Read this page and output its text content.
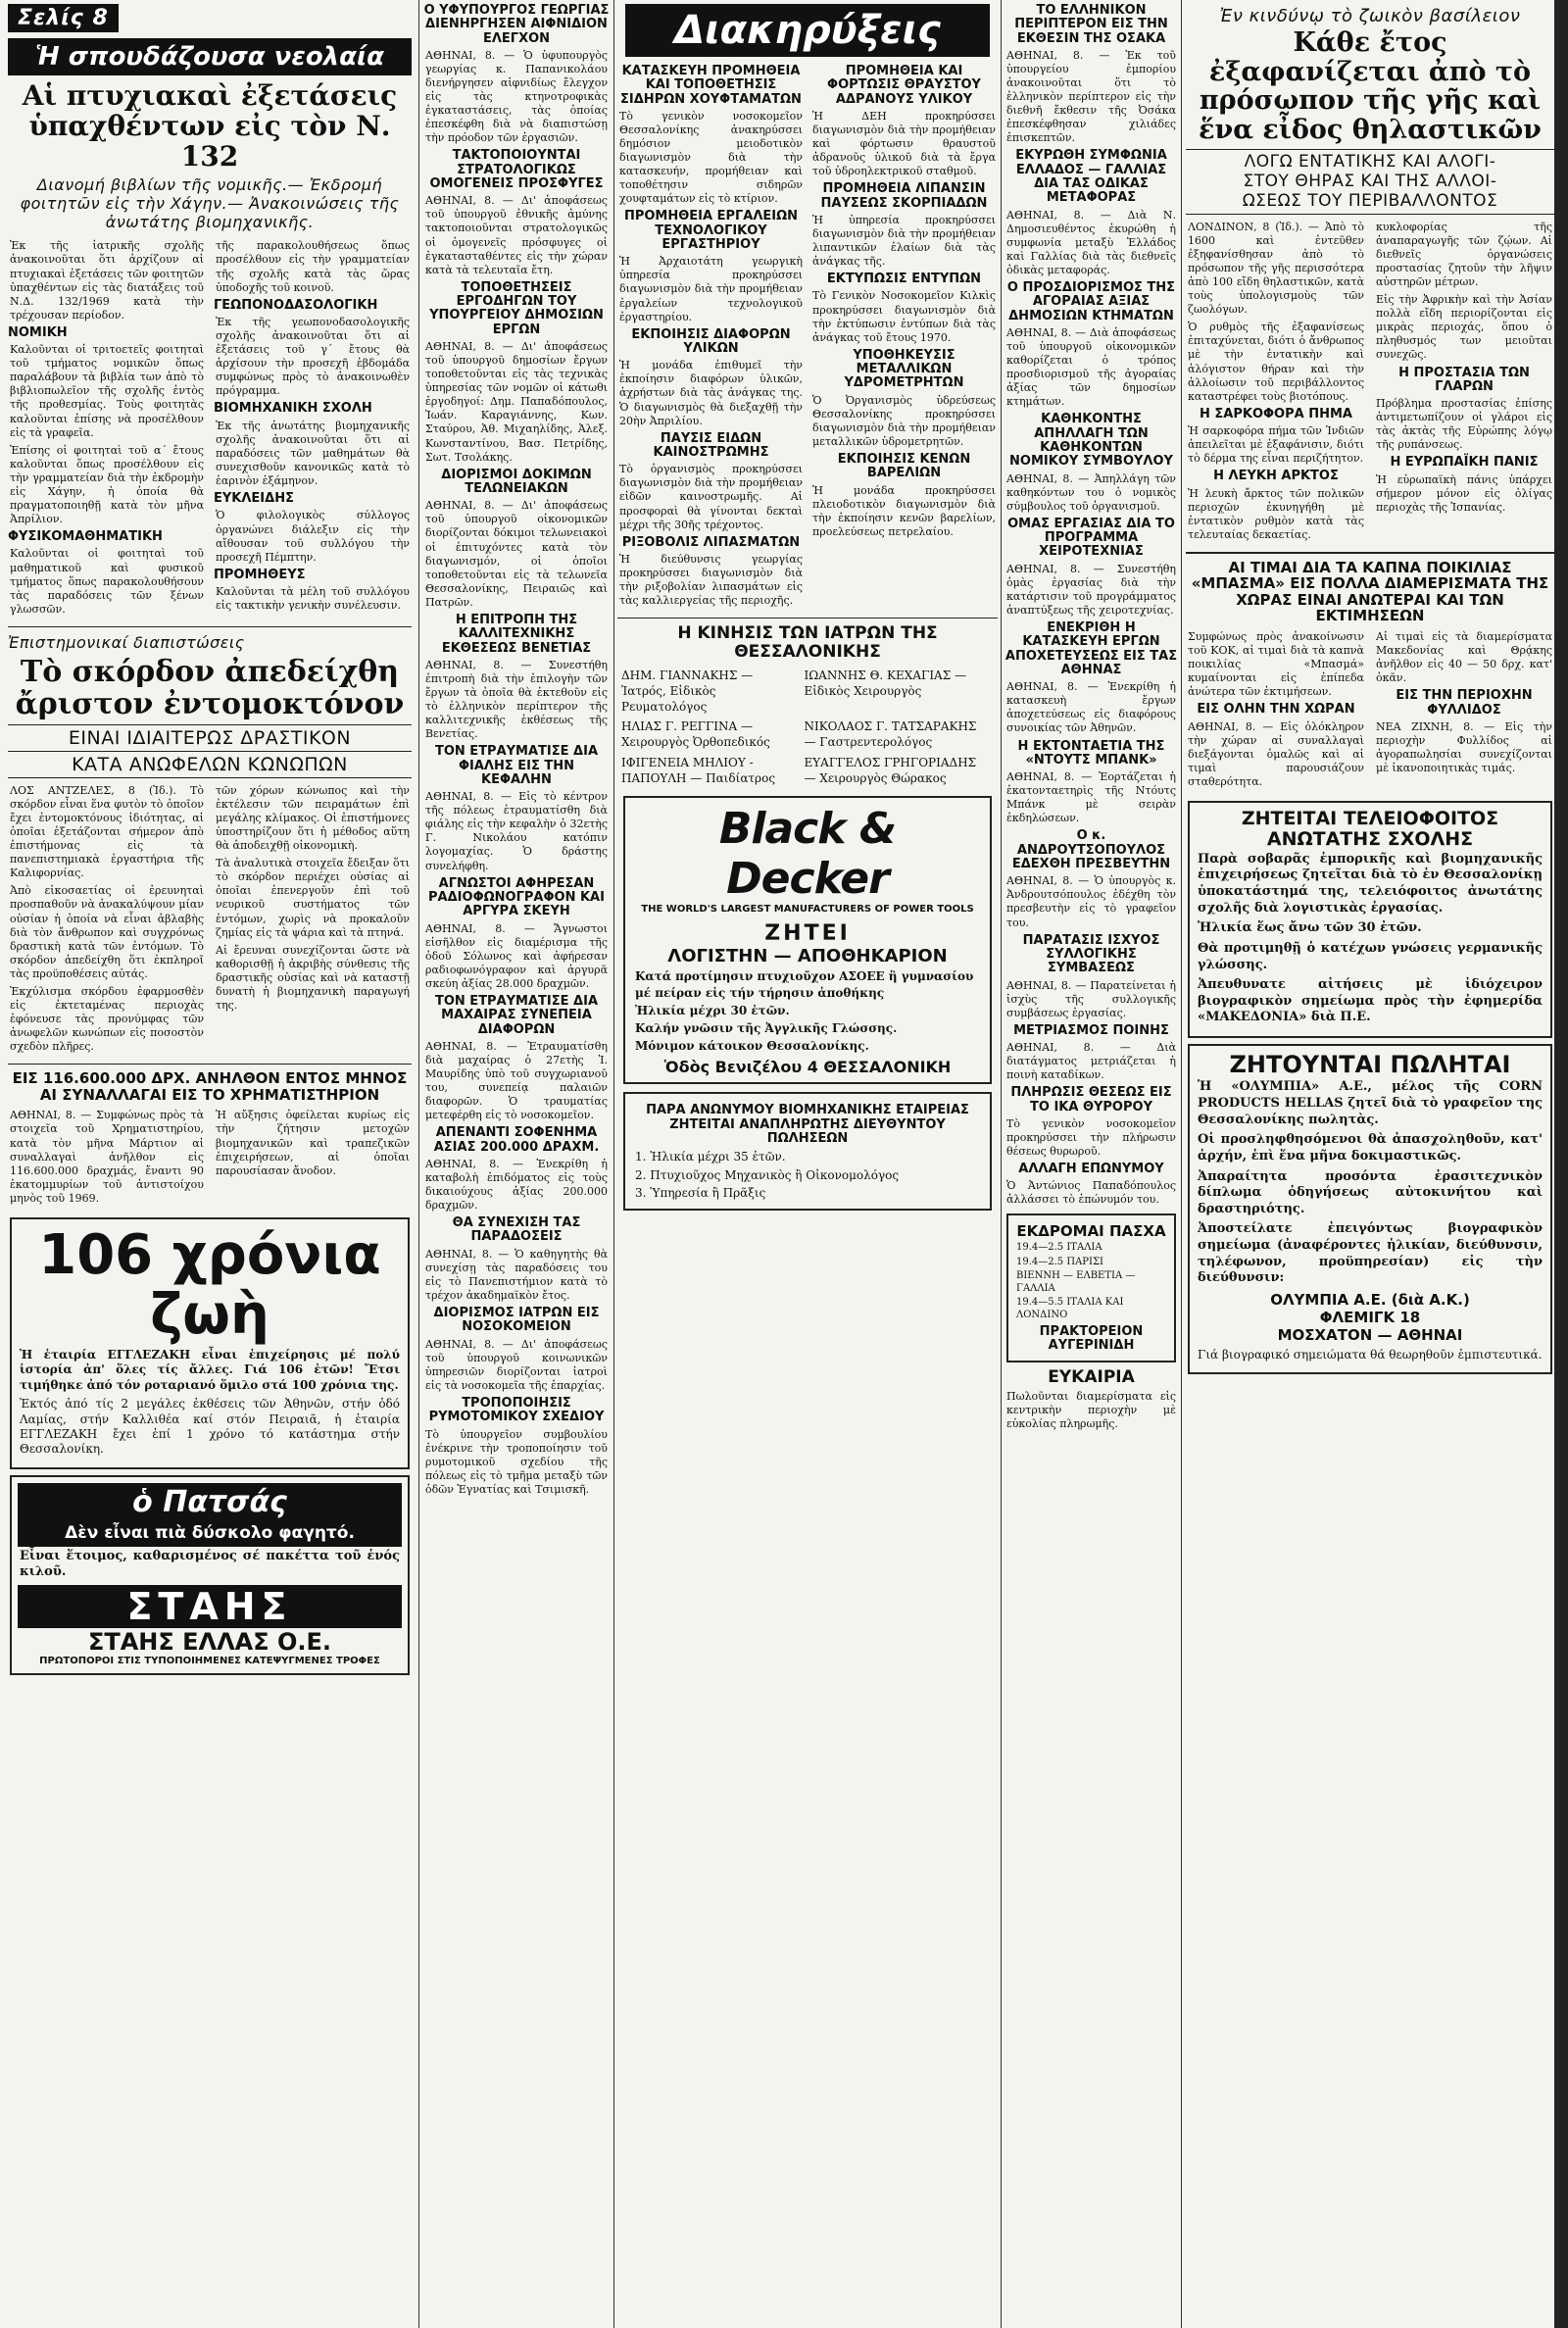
Σελίς 8
Ἡ σπουδάζουσα νεολαία
Αἱ πτυχιακαὶ ἐξετάσεις ὑπαχθέντων εἰς τὸν Ν. 132
Διανομή βιβλίων τῆς νομικῆς.— Ἐκδρομή φοιτητῶν εἰς τὴν Χάγην.— Ἀνακοινώσεις τῆς ἀνωτάτης βιομηχανικῆς.

Ἐκ τῆς ἰατρικῆς σχολῆς ἀνακοινοῦται ὅτι ἀρχίζουν αἱ πτυχιακαὶ ἐξετάσεις τῶν φοιτητῶν ὑπαχθέντων εἰς τὰς διατάξεις τοῦ Ν.Δ. 132/1969 κατὰ τὴν τρέχουσαν περίοδον.

ΝΟΜΙΚΗ

Καλοῦνται οἱ τριτοετεῖς φοιτηταὶ τοῦ τμήματος νομικῶν ὅπως παραλάβουν τὰ βιβλία των ἀπὸ τὸ βιβλιοπωλεῖον τῆς σχολῆς ἐντὸς τῆς προθεσμίας. Τοὺς φοιτητὰς καλοῦνται ἐπίσης νὰ προσέλθουν εἰς τὰ γραφεῖα.

Ἐπίσης οἱ φοιτηταὶ τοῦ α΄ ἔτους καλοῦνται ὅπως προσέλθουν εἰς τὴν γραμματείαν διὰ τὴν ἐκδρομὴν εἰς Χάγην, ἡ ὁποία θὰ πραγματοποιηθῇ κατὰ τὸν μῆνα Ἀπρίλιον.

ΦΥΣΙΚΟΜΑΘΗΜΑΤΙΚΗ

Καλοῦνται οἱ φοιτηταὶ τοῦ μαθηματικοῦ καὶ φυσικοῦ τμήματος ὅπως παρακολουθήσουν τὰς παραδόσεις τῶν ξένων γλωσσῶν.

τῆς παρακολουθήσεως ὅπως προσέλθουν εἰς τὴν γραμματείαν τῆς σχολῆς κατὰ τὰς ὥρας ὑποδοχῆς τοῦ κοινοῦ.

ΓΕΩΠΟΝΟΔΑΣΟΛΟΓΙΚΗ

Ἐκ τῆς γεωπονοδασολογικῆς σχολῆς ἀνακοινοῦται ὅτι αἱ ἐξετάσεις τοῦ γ΄ ἔτους θὰ ἀρχίσουν τὴν προσεχῆ ἑβδομάδα συμφώνως πρὸς τὸ ἀνακοινωθὲν πρόγραμμα.

ΒΙΟΜΗΧΑΝΙΚΗ ΣΧΟΛΗ

Ἐκ τῆς ἀνωτάτης βιομηχανικῆς σχολῆς ἀνακοινοῦται ὅτι αἱ παραδόσεις τῶν μαθημάτων θὰ συνεχισθοῦν κανονικῶς κατὰ τὸ ἑαρινὸν ἑξάμηνον.

ΕΥΚΛΕΙΔΗΣ

Ὁ φιλολογικὸς σύλλογος ὀργανώνει διάλεξιν εἰς τὴν αἴθουσαν τοῦ συλλόγου τὴν προσεχῆ Πέμπτην.

ΠΡΟΜΗΘΕΥΣ

Καλοῦνται τὰ μέλη τοῦ συλλόγου εἰς τακτικὴν γενικὴν συνέλευσιν.

Ἐπιστημονικαί διαπιστώσεις
Τὸ σκόρδον ἀπεδείχθη ἄριστον ἐντομοκτόνον
ΕΙΝΑΙ ΙΔΙΑΙΤΕΡΩΣ ΔΡΑΣΤΙΚΟΝ
ΚΑΤΑ ΑΝΩΦΕΛΩΝ ΚΩΝΩΠΩΝ

ΛΟΣ ΑΝΤΖΕΛΕΣ, 8 (Ἰδ.). Τὸ σκόρδον εἶναι ἕνα φυτὸν τὸ ὁποῖον ἔχει ἐντομοκτόνους ἰδιότητας, αἱ ὁποῖαι ἐξετάζονται σήμερον ἀπὸ ἐπιστήμονας εἰς τὰ πανεπιστημιακὰ ἐργαστήρια τῆς Καλιφορνίας.

Ἀπὸ εἰκοσαετίας οἱ ἐρευνηταὶ προσπαθοῦν νὰ ἀνακαλύψουν μίαν οὐσίαν ἡ ὁποία νὰ εἶναι ἀβλαβὴς διὰ τὸν ἄνθρωπον καὶ συγχρόνως δραστικὴ κατὰ τῶν ἐντόμων. Τὸ σκόρδον ἀπεδείχθη ὅτι ἐκπληροῖ τὰς προϋποθέσεις αὐτάς.

Ἐκχύλισμα σκόρδου ἐφαρμοσθὲν εἰς ἐκτεταμένας περιοχὰς ἐφόνευσε τὰς προνύμφας τῶν ἀνωφελῶν κωνώπων εἰς ποσοστὸν σχεδὸν πλῆρες.

τῶν χόρων κώνωπος καὶ τὴν ἐκτέλεσιν τῶν πειραμάτων ἐπὶ μεγάλης κλίμακος. Οἱ ἐπιστήμονες ὑποστηρίζουν ὅτι ἡ μέθοδος αὕτη θὰ ἀποδειχθῇ οἰκονομικὴ.

Τὰ ἀναλυτικὰ στοιχεῖα ἔδειξαν ὅτι τὸ σκόρδον περιέχει οὐσίας αἱ ὁποῖαι ἐπενεργοῦν ἐπὶ τοῦ νευρικοῦ συστήματος τῶν ἐντόμων, χωρὶς νὰ προκαλοῦν ζημίας εἰς τὰ ψάρια καὶ τὰ πτηνά.

Αἱ ἔρευναι συνεχίζονται ὥστε νὰ καθορισθῇ ἡ ἀκριβὴς σύνθεσις τῆς δραστικῆς οὐσίας καὶ νὰ καταστῇ δυνατὴ ἡ βιομηχανικὴ παραγωγή της.

ΕΙΣ 116.600.000 ΔΡΧ. ΑΝΗΛΘΟΝ ΕΝΤΟΣ ΜΗΝΟΣ ΑΙ ΣΥΝΑΛΛΑΓΑΙ ΕΙΣ ΤΟ ΧΡΗΜΑΤΙΣΤΗΡΙΟΝ

ΑΘΗΝΑΙ, 8. — Συμφώνως πρὸς τὰ στοιχεῖα τοῦ Χρηματιστηρίου, κατὰ τὸν μῆνα Μάρτιον αἱ συναλλαγαὶ ἀνῆλθον εἰς 116.600.000 δραχμάς, ἔναντι 90 ἑκατομμυρίων τοῦ ἀντιστοίχου μηνὸς τοῦ 1969.

Ἡ αὔξησις ὀφείλεται κυρίως εἰς τὴν ζήτησιν μετοχῶν βιομηχανικῶν καὶ τραπεζικῶν ἐπιχειρήσεων, αἱ ὁποῖαι παρουσίασαν ἄνοδον.

106 χρόνια ζωὴ

Ἡ ἑταιρία ΕΓΓΛΕΖΑΚΗ εἶναι ἐπιχείρησις μέ πολύ ἱστορία ἀπ' ὅλες τίς ἄλλες. Γιά 106 ἐτῶν! Ἔτσι τιμήθηκε ἀπό τόν ροταριανό ὅμιλο στά 100 χρόνια της.

Ἐκτός ἀπό τίς 2 μεγάλες ἐκθέσεις τῶν Ἀθηνῶν, στήν ὁδό Λαμίας, στήν Καλλιθέα καί στόν Πειραιᾶ, ἡ ἑταιρία ΕΓΓΛΕΖΑΚΗ ἔχει ἐπί 1 χρόνο τό κατάστημα στήν Θεσσαλονίκη.

ὁ Πατσάς
Δὲν εἶναι πιὰ δύσκολο φαγητό.

Εἶναι ἕτοιμος, καθαρισμένος σέ πακέττα τοῦ ἑνός κιλοῦ.

ΣΤΑΗΣ
ΣΤΑΗΣ ΕΛΛΑΣ Ο.Ε.
ΠΡΩΤΟΠΟΡΟΙ ΣΤΙΣ ΤΥΠΟΠΟΙΗΜΕΝΕΣ ΚΑΤΕΨΥΓΜΕΝΕΣ ΤΡΟΦΕΣ
Ο ΥΦΥΠΟΥΡΓΟΣ ΓΕΩΡΓΙΑΣ ΔΙΕΝΗΡΓΗΣΕΝ ΑΙΦΝΙΔΙΟΝ ΕΛΕΓΧΟΝ

ΑΘΗΝΑΙ, 8. — Ὁ ὑφυπουργὸς γεωργίας κ. Παπανικολάου διενήργησεν αἰφνιδίως ἔλεγχον εἰς τὰς κτηνοτροφικὰς ἐγκαταστάσεις, τὰς ὁποίας ἐπεσκέφθη διὰ νὰ διαπιστώσῃ τὴν πρόοδον τῶν ἐργασιῶν.

ΤΑΚΤΟΠΟΙΟΥΝΤΑΙ ΣΤΡΑΤΟΛΟΓΙΚΩΣ ΟΜΟΓΕΝΕΙΣ ΠΡΟΣΦΥΓΕΣ

ΑΘΗΝΑΙ, 8. — Δι' ἀποφάσεως τοῦ ὑπουργοῦ ἐθνικῆς ἀμύνης τακτοποιοῦνται στρατολογικῶς οἱ ὁμογενεῖς πρόσφυγες οἱ ἐγκατασταθέντες εἰς τὴν χώραν κατὰ τὰ τελευταῖα ἔτη.

ΤΟΠΟΘΕΤΗΣΕΙΣ ΕΡΓΟΔΗΓΩΝ ΤΟΥ ΥΠΟΥΡΓΕΙΟΥ ΔΗΜΟΣΙΩΝ ΕΡΓΩΝ

ΑΘΗΝΑΙ, 8. — Δι' ἀποφάσεως τοῦ ὑπουργοῦ δημοσίων ἔργων τοποθετοῦνται εἰς τὰς τεχνικὰς ὑπηρεσίας τῶν νομῶν οἱ κάτωθι ἐργοδηγοί: Δημ. Παπαδόπουλος, Ἰωάν. Καραγιάννης, Κων. Σταύρου, Ἀθ. Μιχαηλίδης, Ἀλεξ. Κωνσταντίνου, Βασ. Πετρίδης, Σωτ. Τσολάκης.

ΔΙΟΡΙΣΜΟΙ ΔΟΚΙΜΩΝ ΤΕΛΩΝΕΙΑΚΩΝ

ΑΘΗΝΑΙ, 8. — Δι' ἀποφάσεως τοῦ ὑπουργοῦ οἰκονομικῶν διορίζονται δόκιμοι τελωνειακοὶ οἱ ἐπιτυχόντες κατὰ τὸν διαγωνισμόν, οἱ ὁποῖοι τοποθετοῦνται εἰς τὰ τελωνεῖα Θεσσαλονίκης, Πειραιῶς καὶ Πατρῶν.

Η ΕΠΙΤΡΟΠΗ ΤΗΣ ΚΑΛΛΙΤΕΧΝΙΚΗΣ ΕΚΘΕΣΕΩΣ ΒΕΝΕΤΙΑΣ

ΑΘΗΝΑΙ, 8. — Συνεστήθη ἐπιτροπὴ διὰ τὴν ἐπιλογὴν τῶν ἔργων τὰ ὁποῖα θὰ ἐκτεθοῦν εἰς τὸ ἑλληνικὸν περίπτερον τῆς καλλιτεχνικῆς ἐκθέσεως τῆς Βενετίας.

ΤΟΝ ΕΤΡΑΥΜΑΤΙΣΕ ΔΙΑ ΦΙΑΛΗΣ ΕΙΣ ΤΗΝ ΚΕΦΑΛΗΝ

ΑΘΗΝΑΙ, 8. — Εἰς τὸ κέντρον τῆς πόλεως ἐτραυματίσθη διὰ φιάλης εἰς τὴν κεφαλὴν ὁ 32ετὴς Γ. Νικολάου κατόπιν λογομαχίας. Ὁ δράστης συνελήφθη.

ΑΓΝΩΣΤΟΙ ΑΦΗΡΕΣΑΝ ΡΑΔΙΟΦΩΝΟΓΡΑΦΟΝ ΚΑΙ ΑΡΓΥΡΑ ΣΚΕΥΗ

ΑΘΗΝΑΙ, 8. — Ἄγνωστοι εἰσῆλθον εἰς διαμέρισμα τῆς ὁδοῦ Σόλωνος καὶ ἀφήρεσαν ραδιοφωνόγραφον καὶ ἀργυρᾶ σκεύη ἀξίας 28.000 δραχμῶν.

ΤΟΝ ΕΤΡΑΥΜΑΤΙΣΕ ΔΙΑ ΜΑΧΑΙΡΑΣ ΣΥΝΕΠΕΙΑ ΔΙΑΦΟΡΩΝ

ΑΘΗΝΑΙ, 8. — Ἐτραυματίσθη διὰ μαχαίρας ὁ 27ετὴς Ἰ. Μαυρίδης ὑπὸ τοῦ συγχωριανοῦ του, συνεπείᾳ παλαιῶν διαφορῶν. Ὁ τραυματίας μετεφέρθη εἰς τὸ νοσοκομεῖον.

ΑΠΕΝΑΝΤΙ ΣΟΦΕΝΗΜΑ ΑΣΙΑΣ 200.000 ΔΡΑΧΜ.

ΑΘΗΝΑΙ, 8. — Ἐνεκρίθη ἡ καταβολὴ ἐπιδόματος εἰς τοὺς δικαιούχους ἀξίας 200.000 δραχμῶν.

ΘΑ ΣΥΝΕΧΙΣΗ ΤΑΣ ΠΑΡΑΔΟΣΕΙΣ

ΑΘΗΝΑΙ, 8. — Ὁ καθηγητὴς θὰ συνεχίσῃ τὰς παραδόσεις του εἰς τὸ Πανεπιστήμιον κατὰ τὸ τρέχον ἀκαδημαϊκὸν ἔτος.

ΔΙΟΡΙΣΜΟΣ ΙΑΤΡΩΝ ΕΙΣ ΝΟΣΟΚΟΜΕΙΟΝ

ΑΘΗΝΑΙ, 8. — Δι' ἀποφάσεως τοῦ ὑπουργοῦ κοινωνικῶν ὑπηρεσιῶν διορίζονται ἰατροὶ εἰς τὰ νοσοκομεῖα τῆς ἐπαρχίας.

ΤΡΟΠΟΠΟΙΗΣΙΣ ΡΥΜΟΤΟΜΙΚΟΥ ΣΧΕΔΙΟΥ

Τὸ ὑπουργεῖον συμβουλίου ἐνέκρινε τὴν τροποποίησιν τοῦ ρυμοτομικοῦ σχεδίου τῆς πόλεως εἰς τὸ τμῆμα μεταξὺ τῶν ὁδῶν Ἐγνατίας καὶ Τσιμισκῆ.

Διακηρύξεις
ΚΑΤΑΣΚΕΥΗ ΠΡΟΜΗΘΕΙΑ ΚΑΙ ΤΟΠΟΘΕΤΗΣΙΣ ΣΙΔΗΡΩΝ ΧΟΥΦΤΑΜΑΤΩΝ

Τὸ γενικὸν νοσοκομεῖον Θεσσαλονίκης ἀνακηρύσσει δημόσιον μειοδοτικὸν διαγωνισμὸν διὰ τὴν κατασκευήν, προμήθειαν καὶ τοποθέτησιν σιδηρῶν χουφταμάτων εἰς τὸ κτίριον.

ΠΡΟΜΗΘΕΙΑ ΕΡΓΑΛΕΙΩΝ ΤΕΧΝΟΛΟΓΙΚΟΥ ΕΡΓΑΣΤΗΡΙΟΥ

Ἡ Ἀρχαιοτάτη γεωργικὴ ὑπηρεσία προκηρύσσει διαγωνισμὸν διὰ τὴν προμήθειαν ἐργαλείων τεχνολογικοῦ ἐργαστηρίου.

ΕΚΠΟΙΗΣΙΣ ΔΙΑΦΟΡΩΝ ΥΛΙΚΩΝ

Ἡ μονάδα ἐπιθυμεῖ τὴν ἐκποίησιν διαφόρων ὑλικῶν, ἀχρήστων διὰ τὰς ἀνάγκας της. Ὁ διαγωνισμὸς θὰ διεξαχθῇ τὴν 20ὴν Ἀπριλίου.

ΠΑΥΣΙΣ ΕΙΔΩΝ ΚΑΙΝΟΣΤΡΩΜΗΣ

Τὸ ὀργανισμὸς προκηρύσσει διαγωνισμὸν διὰ τὴν προμήθειαν εἰδῶν καινοστρωμῆς. Αἱ προσφοραὶ θὰ γίνονται δεκταὶ μέχρι τῆς 30ῆς τρέχοντος.

ΡΙΞΟΒΟΛΙΣ ΛΙΠΑΣΜΑΤΩΝ

Ἡ διεύθυνσις γεωργίας προκηρύσσει διαγωνισμὸν διὰ τὴν ριξοβολίαν λιπασμάτων εἰς τὰς καλλιεργείας τῆς περιοχῆς.

ΠΡΟΜΗΘΕΙΑ ΚΑΙ ΦΟΡΤΩΣΙΣ ΘΡΑΥΣΤΟΥ ΑΔΡΑΝΟΥΣ ΥΛΙΚΟΥ

Ἡ ΔΕΗ προκηρύσσει διαγωνισμὸν διὰ τὴν προμήθειαν καὶ φόρτωσιν θραυστοῦ ἀδρανοῦς ὑλικοῦ διὰ τὰ ἔργα τοῦ ὑδροηλεκτρικοῦ σταθμοῦ.

ΠΡΟΜΗΘΕΙΑ ΛΙΠΑΝΣΙΝ ΠΑΥΣΕΩΣ ΣΚΟΡΠΙΑΔΩΝ

Ἡ ὑπηρεσία προκηρύσσει διαγωνισμὸν διὰ τὴν προμήθειαν λιπαντικῶν ἐλαίων διὰ τὰς ἀνάγκας τῆς.

ΕΚΤΥΠΩΣΙΣ ΕΝΤΥΠΩΝ

Τὸ Γενικὸν Νοσοκομεῖον Κιλκὶς προκηρύσσει διαγωνισμὸν διὰ τὴν ἐκτύπωσιν ἐντύπων διὰ τὰς ἀνάγκας τοῦ ἔτους 1970.

ΥΠΟΘΗΚΕΥΣΙΣ ΜΕΤΑΛΛΙΚΩΝ ΥΔΡΟΜΕΤΡΗΤΩΝ

Ὁ Ὀργανισμὸς ὑδρεύσεως Θεσσαλονίκης προκηρύσσει διαγωνισμὸν διὰ τὴν προμήθειαν μεταλλικῶν ὑδρομετρητῶν.

ΕΚΠΟΙΗΣΙΣ ΚΕΝΩΝ ΒΑΡΕΛΙΩΝ

Ἡ μονάδα προκηρύσσει πλειοδοτικὸν διαγωνισμὸν διὰ τὴν ἐκποίησιν κενῶν βαρελίων, προελεύσεως πετρελαίου.

Η ΚΙΝΗΣΙΣ ΤΩΝ ΙΑΤΡΩΝ ΤΗΣ ΘΕΣΣΑΛΟΝΙΚΗΣ
ΔΗΜ. ΓΙΑΝΝΑΚΗΣ — Ἰατρός, Εἰδικὸς Ρευματολόγος
ΙΩΑΝΝΗΣ Θ. ΚΕΧΑΓΙΑΣ — Εἰδικὸς Χειρουργὸς
ΗΛΙΑΣ Γ. ΡΕΓΓΙΝΑ — Χειρουργὸς Ὀρθοπεδικός
ΝΙΚΟΛΑΟΣ Γ. ΤΑΤΣΑΡΑΚΗΣ — Γαστρεντερολόγος
ΙΦΙΓΕΝΕΙΑ ΜΗΛΙΟΥ - ΠΑΠΟΥΛΗ — Παιδίατρος
ΕΥΑΓΓΕΛΟΣ ΓΡΗΓΟΡΙΑΔΗΣ — Χειρουργὸς Θώρακος
Black & Decker
THE WORLD'S LARGEST MANUFACTURERS OF POWER TOOLS
ΖΗΤΕΙ
ΛΟΓΙΣΤΗΝ — ΑΠΟΘΗΚΑΡΙΟΝ
Κατά προτίμησιν πτυχιοῦχον ΑΣΟΕΕ ἢ γυμνασίου μέ πείραν εἰς τήν τήρησιν ἀποθήκης
Ἡλικία μέχρι 30 ἐτῶν.
Καλήν γνῶσιν τῆς Ἀγγλικῆς Γλώσσης.
Μόνιμον κάτοικον Θεσσαλονίκης.
Ὁδὸς Βενιζέλου 4 ΘΕΣΣΑΛΟΝΙΚΗ
ΠΑΡΑ ΑΝΩΝΥΜΟΥ ΒΙΟΜΗΧΑΝΙΚΗΣ ΕΤΑΙΡΕΙΑΣ ΖΗΤΕΙΤΑΙ ΑΝΑΠΛΗΡΩΤΗΣ ΔΙΕΥΘΥΝΤΟΥ ΠΩΛΗΣΕΩΝ
1. Ἠλικία μέχρι 35 ἐτῶν.
2. Πτυχιοῦχος Μηχανικὸς ἢ Οἰκονομολόγος
3. Ὑπηρεσία ἢ Πρᾶξις
ΤΟ ΕΛΛΗΝΙΚΟΝ ΠΕΡΙΠΤΕΡΟΝ ΕΙΣ ΤΗΝ ΕΚΘΕΣΙΝ ΤΗΣ ΟΣΑΚΑ

ΑΘΗΝΑΙ, 8. — Ἐκ τοῦ ὑπουργείου ἐμπορίου ἀνακοινοῦται ὅτι τὸ ἑλληνικὸν περίπτερον εἰς τὴν διεθνῆ ἔκθεσιν τῆς Ὀσάκα ἐπεσκέφθησαν χιλιάδες ἐπισκεπτῶν.

ΕΚΥΡΩΘΗ ΣΥΜΦΩΝΙΑ ΕΛΛΑΔΟΣ — ΓΑΛΛΙΑΣ ΔΙΑ ΤΑΣ ΟΔΙΚΑΣ ΜΕΤΑΦΟΡΑΣ

ΑΘΗΝΑΙ, 8. — Διὰ Ν. Δημοσιευθέντος ἐκυρώθη ἡ συμφωνία μεταξὺ Ἑλλάδος καὶ Γαλλίας διὰ τὰς διεθνεῖς ὁδικὰς μεταφοράς.

Ο ΠΡΟΣΔΙΟΡΙΣΜΟΣ ΤΗΣ ΑΓΟΡΑΙΑΣ ΑΞΙΑΣ ΔΗΜΟΣΙΩΝ ΚΤΗΜΑΤΩΝ

ΑΘΗΝΑΙ, 8. — Διὰ ἀποφάσεως τοῦ ὑπουργοῦ οἰκονομικῶν καθορίζεται ὁ τρόπος προσδιορισμοῦ τῆς ἀγοραίας ἀξίας τῶν δημοσίων κτημάτων.

ΚΑΘΗΚΟΝΤΗΣ ΑΠΗΛΛΑΓΗ ΤΩΝ ΚΑΘΗΚΟΝΤΩΝ ΝΟΜΙΚΟΥ ΣΥΜΒΟΥΛΟΥ

ΑΘΗΝΑΙ, 8. — Ἀπηλλάγη τῶν καθηκόντων του ὁ νομικὸς σύμβουλος τοῦ ὀργανισμοῦ.

ΟΜΑΣ ΕΡΓΑΣΙΑΣ ΔΙΑ ΤΟ ΠΡΟΓΡΑΜΜΑ ΧΕΙΡΟΤΕΧΝΙΑΣ

ΑΘΗΝΑΙ, 8. — Συνεστήθη ὁμὰς ἐργασίας διὰ τὴν κατάρτισιν τοῦ προγράμματος ἀναπτύξεως τῆς χειροτεχνίας.

ΕΝΕΚΡΙΘΗ Η ΚΑΤΑΣΚΕΥΗ ΕΡΓΩΝ ΑΠΟΧΕΤΕΥΣΕΩΣ ΕΙΣ ΤΑΣ ΑΘΗΝΑΣ

ΑΘΗΝΑΙ, 8. — Ἐνεκρίθη ἡ κατασκευὴ ἔργων ἀποχετεύσεως εἰς διαφόρους συνοικίας τῶν Ἀθηνῶν.

Η ΕΚΤΟΝΤΑΕΤΙΑ ΤΗΣ «ΝΤΟΥΤΣ ΜΠΑΝΚ»

ΑΘΗΝΑΙ, 8. — Ἑορτάζεται ἡ ἑκατονταετηρὶς τῆς Ντόυτς Μπάνκ μὲ σειρὰν ἐκδηλώσεων.

Ο κ. ΑΝΔΡΟΥΤΣΟΠΟΥΛΟΣ ΕΔΕΧΘΗ ΠΡΕΣΒΕΥΤΗΝ

ΑΘΗΝΑΙ, 8. — Ὁ ὑπουργὸς κ. Ἀνδρουτσόπουλος ἐδέχθη τὸν πρεσβευτὴν εἰς τὸ γραφεῖον του.

ΠΑΡΑΤΑΣΙΣ ΙΣΧΥΟΣ ΣΥΛΛΟΓΙΚΗΣ ΣΥΜΒΑΣΕΩΣ

ΑΘΗΝΑΙ, 8. — Παρατείνεται ἡ ἰσχὺς τῆς συλλογικῆς συμβάσεως ἐργασίας.

ΜΕΤΡΙΑΣΜΟΣ ΠΟΙΝΗΣ

ΑΘΗΝΑΙ, 8. — Διὰ διατάγματος μετριάζεται ἡ ποινὴ καταδίκων.

ΠΛΗΡΩΣΙΣ ΘΕΣΕΩΣ ΕΙΣ ΤΟ ΙΚΑ ΘΥΡΟΡΟΥ

Τὸ γενικὸν νοσοκομεῖον προκηρύσσει τὴν πλήρωσιν θέσεως θυρωροῦ.

ΑΛΛΑΓΗ ΕΠΩΝΥΜΟΥ

Ὁ Ἀντώνιος Παπαδόπουλος ἀλλάσσει τὸ ἐπώνυμόν του.

ΕΚΔΡΟΜΑΙ ΠΑΣΧΑ
19.4—2.5 ΙΤΑΛΙΑ
19.4—2.5 ΠΑΡΙΣΙ
ΒΙΕΝΝΗ — ΕΛΒΕΤΙΑ — ΓΑΛΛΙΑ
19.4—5.5 ΙΤΑΛΙΑ ΚΑΙ ΛΟΝΔΙΝΟ
ΠΡΑΚΤΟΡΕΙΟΝ ΑΥΓΕΡΙΝΙΔΗ
ΕΥΚΑΙΡΙΑ

Πωλοῦνται διαμερίσματα εἰς κεντρικὴν περιοχὴν μὲ εὐκολίας πληρωμῆς.

Ἐν κινδύνῳ τὸ ζωικὸν βασίλειον
Κάθε ἔτος ἐξαφανίζεται ἀπὸ τὸ πρόσωπον τῆς γῆς καὶ ἕνα εἶδος θηλαστικῶν
ΛΟΓΩ ΕΝΤΑΤΙΚΗΣ ΚΑΙ ΑΛΟΓΙ-
ΣΤΟΥ ΘΗΡΑΣ ΚΑΙ ΤΗΣ ΑΛΛΟΙ-
ΩΣΕΩΣ ΤΟΥ ΠΕΡΙΒΑΛΛΟΝΤΟΣ

ΛΟΝΔΙΝΟΝ, 8 (Ἰδ.). — Ἀπὸ τὸ 1600 καὶ ἐντεῦθεν ἐξηφανίσθησαν ἀπὸ τὸ πρόσωπον τῆς γῆς περισσότερα ἀπὸ 100 εἴδη θηλαστικῶν, κατὰ τοὺς ὑπολογισμοὺς τῶν ζωολόγων.

Ὁ ρυθμὸς τῆς ἐξαφανίσεως ἐπιταχύνεται, διότι ὁ ἄνθρωπος μὲ τὴν ἐντατικὴν καὶ ἀλόγιστον θήραν καὶ τὴν ἀλλοίωσιν τοῦ περιβάλλοντος καταστρέφει τοὺς βιοτόπους.

Η ΣΑΡΚΟΦΟΡΑ ΠΗΜΑ

Ἡ σαρκοφόρα πήμα τῶν Ἰνδιῶν ἀπειλεῖται μὲ ἐξαφάνισιν, διότι τὸ δέρμα της εἶναι περιζήτητον.

Η ΛΕΥΚΗ ΑΡΚΤΟΣ

Ἡ λευκὴ ἄρκτος τῶν πολικῶν περιοχῶν ἐκυνηγήθη μὲ ἐντατικὸν ρυθμὸν κατὰ τὰς τελευταίας δεκαετίας.

κυκλοφορίας τῆς ἀναπαραγωγῆς τῶν ζῴων. Αἱ διεθνεῖς ὀργανώσεις προστασίας ζητοῦν τὴν λῆψιν αὐστηρῶν μέτρων.

Εἰς τὴν Ἀφρικὴν καὶ τὴν Ἀσίαν πολλὰ εἴδη περιορίζονται εἰς μικρὰς περιοχάς, ὅπου ὁ πληθυσμός των μειοῦται συνεχῶς.

Η ΠΡΟΣΤΑΣΙΑ ΤΩΝ ΓΛΑΡΩΝ

Πρόβλημα προστασίας ἐπίσης ἀντιμετωπίζουν οἱ γλάροι εἰς τὰς ἀκτὰς τῆς Εὐρώπης λόγῳ τῆς ρυπάνσεως.

Η ΕΥΡΩΠΑΪΚΗ ΠΑΝΙΣ

Ἡ εὐρωπαϊκὴ πάνις ὑπάρχει σήμερον μόνον εἰς ὀλίγας περιοχὰς τῆς Ἰσπανίας.

ΑΙ ΤΙΜΑΙ ΔΙΑ ΤΑ ΚΑΠΝΑ ΠΟΙΚΙΛΙΑΣ «ΜΠΑΣΜΑ» ΕΙΣ ΠΟΛΛΑ ΔΙΑΜΕΡΙΣΜΑΤΑ ΤΗΣ ΧΩΡΑΣ ΕΙΝΑΙ ΑΝΩΤΕΡΑΙ ΚΑΙ ΤΩΝ ΕΚΤΙΜΗΣΕΩΝ

Συμφώνως πρὸς ἀνακοίνωσιν τοῦ ΚΟΚ, αἱ τιμαὶ διὰ τὰ καπνὰ ποικιλίας «Μπασμά» κυμαίνονται εἰς ἐπίπεδα ἀνώτερα τῶν ἐκτιμήσεων.

ΕΙΣ ΟΛΗΝ ΤΗΝ ΧΩΡΑΝ

ΑΘΗΝΑΙ, 8. — Εἰς ὁλόκληρον τὴν χώραν αἱ συναλλαγαὶ διεξάγονται ὁμαλῶς καὶ αἱ τιμαὶ παρουσιάζουν σταθερότητα.

Αἱ τιμαὶ εἰς τὰ διαμερίσματα Μακεδονίας καὶ Θρᾴκης ἀνῆλθον εἰς 40 — 50 δρχ. κατ' ὀκᾶν.

ΕΙΣ ΤΗΝ ΠΕΡΙΟΧΗΝ ΦΥΛΛΙΔΟΣ

ΝΕΑ ΖΙΧΝΗ, 8. — Εἰς τὴν περιοχὴν Φυλλίδος αἱ ἀγοραπωλησίαι συνεχίζονται μὲ ἱκανοποιητικὰς τιμάς.

ΖΗΤΕΙΤΑΙ ΤΕΛΕΙΟΦΟΙΤΟΣ ΑΝΩΤΑΤΗΣ ΣΧΟΛΗΣ

Παρὰ σοβαρᾶς ἐμπορικῆς καὶ βιομηχανικῆς ἐπιχειρήσεως ζητεῖται διὰ τὸ ἐν Θεσσαλονίκῃ ὑποκατάστημά της, τελειόφοιτος ἀνωτάτης σχολῆς διὰ λογιστικὰς ἐργασίας.

Ἡλικία ἕως ἄνω τῶν 30 ἐτῶν.

Θὰ προτιμηθῇ ὁ κατέχων γνώσεις γερμανικῆς γλώσσης.

Ἀπευθυνατε αἰτήσεις μὲ ἰδιόχειρον βιογραφικὸν σημείωμα πρὸς τὴν ἐφημερίδα «ΜΑΚΕΔΟΝΙΑ» διὰ Π.Ε.

ΖΗΤΟΥΝΤΑΙ ΠΩΛΗΤΑΙ

Ἡ «ΟΛΥΜΠΙΑ» Α.Ε., μέλος τῆς CORN PRODUCTS HELLAS ζητεῖ διὰ τὸ γραφεῖον της Θεσσαλονίκης πωλητὰς.

Οἱ προσληφθησόμενοι θὰ ἀπασχοληθοῦν, κατ' ἀρχήν, ἐπὶ ἕνα μῆνα δοκιμαστικῶς.

Ἀπαραίτητα προσόντα ἐρασιτεχνικὸν δίπλωμα ὁδηγήσεως αὐτοκινήτου καὶ δραστηριότης.

Ἀποστείλατε ἐπειγόντως βιογραφικὸν σημείωμα (ἀναφέροντες ἡλικίαν, διεύθυνσιν, τηλέφωνον, προϋπηρεσίαν) εἰς τὴν διεύθυνσιν:

ΟΛΥΜΠΙΑ Α.Ε. (διὰ Α.Κ.)
ΦΛΕΜΙΓΚ 18
ΜΟΣΧΑΤΟΝ — ΑΘΗΝΑΙ

Γιά βιογραφικό σημειώματα θά θεωρηθοῦν ἐμπιστευτικά.
